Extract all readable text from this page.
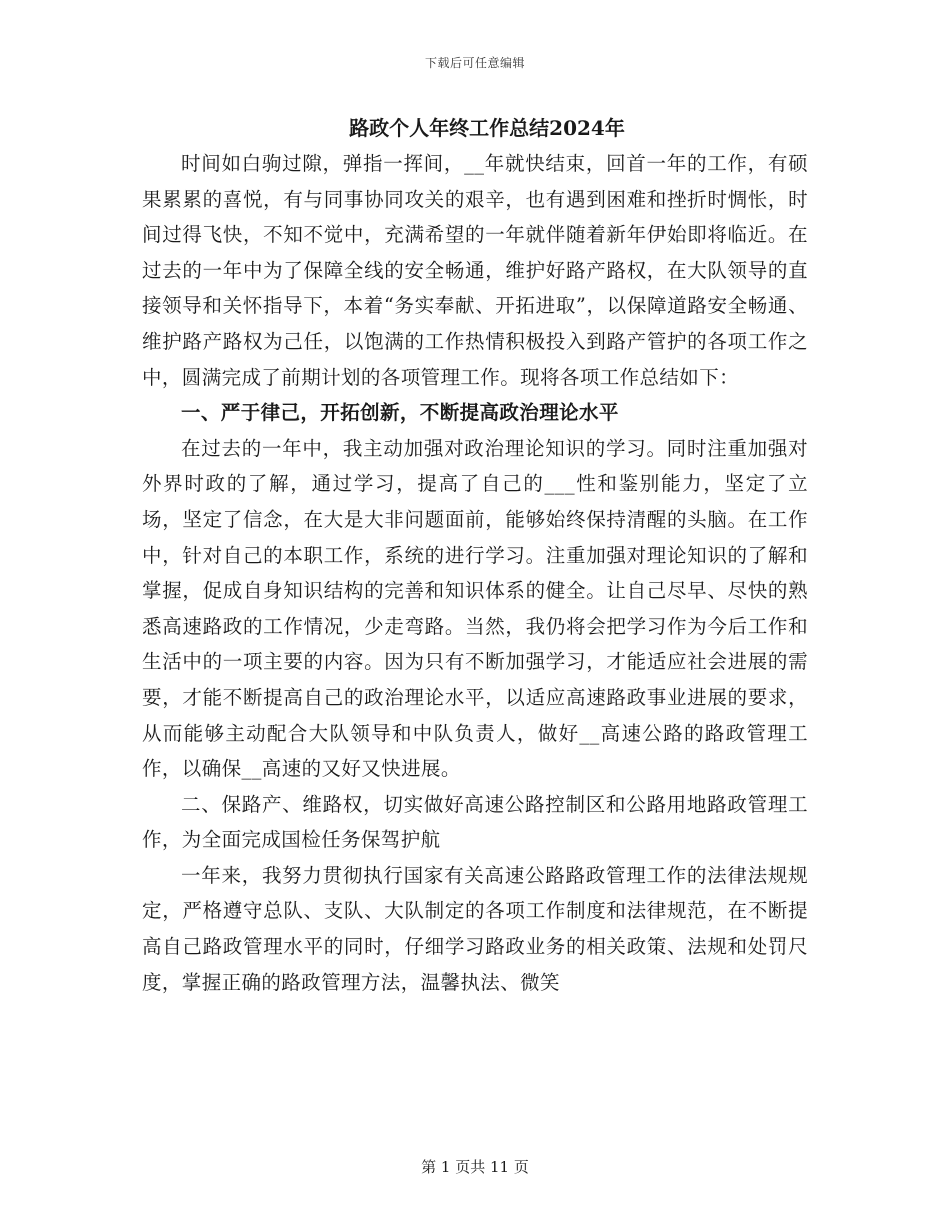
下载后可任意编辑
路政个人年终工作总结2024年

时间如白驹过隙，弹指一挥间，__年就快结束，回首一年的工作，有硕果累累的喜悦，有与同事协同攻关的艰辛，也有遇到困难和挫折时惆怅，时间过得飞快，不知不觉中，充满希望的一年就伴随着新年伊始即将临近。在过去的一年中为了保障全线的安全畅通，维护好路产路权，在大队领导的直接领导和关怀指导下，本着“务实奉献、开拓进取”，以保障道路安全畅通、维护路产路权为己任，以饱满的工作热情积极投入到路产管护的各项工作之中，圆满完成了前期计划的各项管理工作。现将各项工作总结如下：

一、严于律己，开拓创新，不断提高政治理论水平

在过去的一年中，我主动加强对政治理论知识的学习。同时注重加强对外界时政的了解，通过学习，提高了自己的___性和鉴别能力，坚定了立场，坚定了信念，在大是大非问题面前，能够始终保持清醒的头脑。在工作中，针对自己的本职工作，系统的进行学习。注重加强对理论知识的了解和掌握，促成自身知识结构的完善和知识体系的健全。让自己尽早、尽快的熟悉高速路政的工作情况，少走弯路。当然，我仍将会把学习作为今后工作和生活中的一项主要的内容。因为只有不断加强学习，才能适应社会进展的需要，才能不断提高自己的政治理论水平，以适应高速路政事业进展的要求，从而能够主动配合大队领导和中队负责人，做好__高速公路的路政管理工作，以确保__高速的又好又快进展。

二、保路产、维路权，切实做好高速公路控制区和公路用地路政管理工作，为全面完成国检任务保驾护航

一年来，我努力贯彻执行国家有关高速公路路政管理工作的法律法规规定，严格遵守总队、支队、大队制定的各项工作制度和法律规范，在不断提高自己路政管理水平的同时，仔细学习路政业务的相关政策、法规和处罚尺度，掌握正确的路政管理方法，温馨执法、微笑

第 1 页共 11 页
